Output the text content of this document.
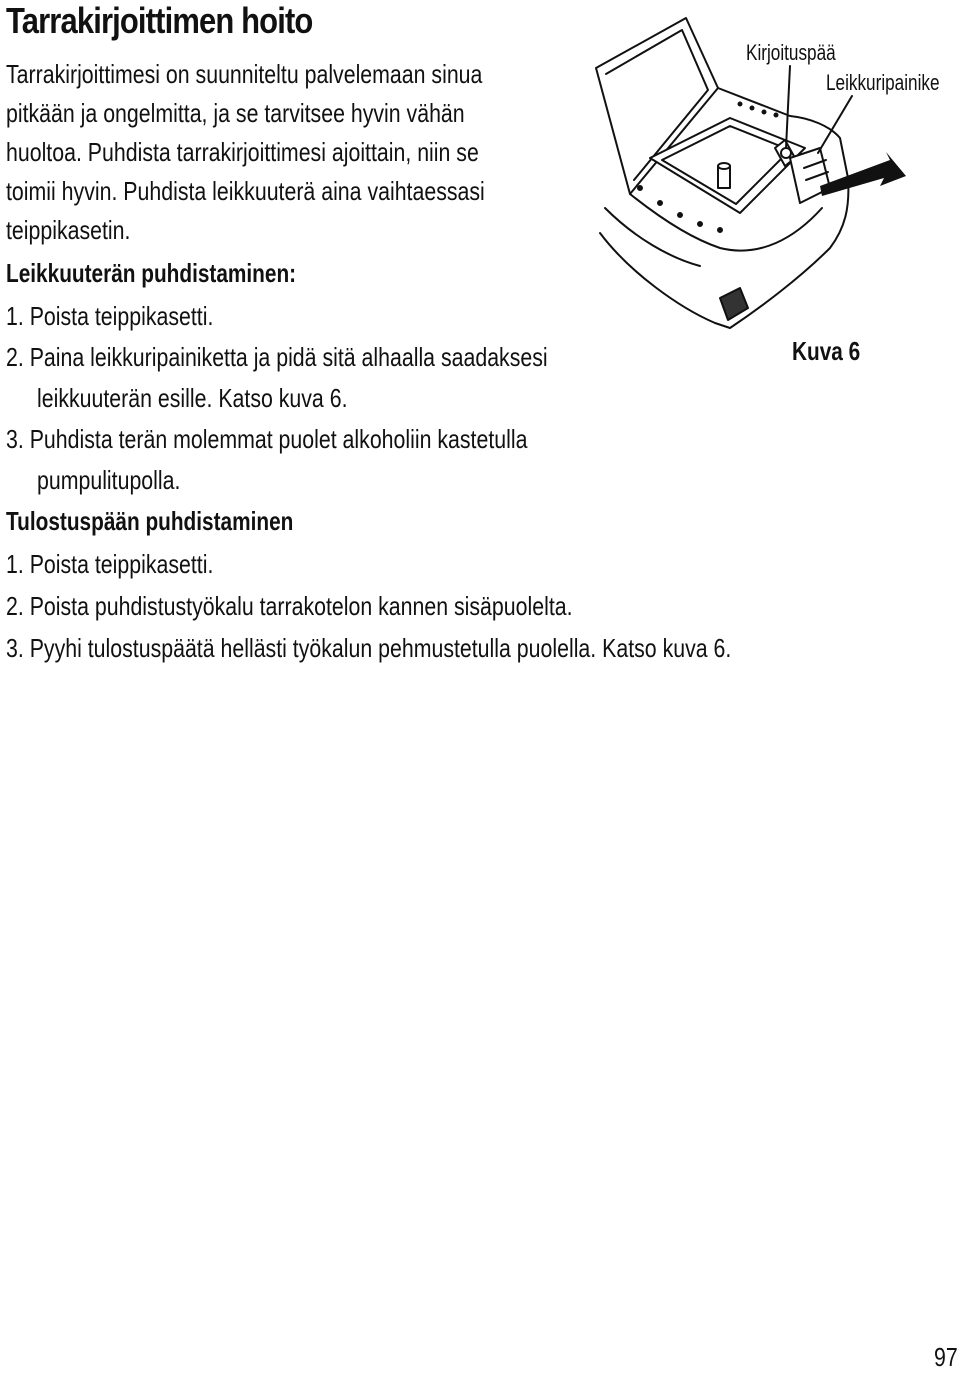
Tarrakirjoittimen hoito

Tarrakirjoittimesi on suunniteltu palvelemaan sinua

pitkään ja ongelmitta, ja se tarvitsee hyvin vähän

huoltoa. Puhdista tarrakirjoittimesi ajoittain, niin se

toimii hyvin. Puhdista leikkuuterä aina vaihtaessasi

teippikasetin.

Leikkuuterän puhdistaminen:

1. Poista teippikasetti.

2. Paina leikkuripainiketta ja pidä sitä alhaalla saadaksesi

leikkuuterän esille. Katso kuva 6.

3. Puhdista terän molemmat puolet alkoholiin kastetulla

pumpulitupolla.

Tulostuspään puhdistaminen

1. Poista teippikasetti.

2. Poista puhdistustyökalu tarrakotelon kannen sisäpuolelta.

3. Pyyhi tulostuspäätä hellästi työkalun pehmustetulla puolella. Katso kuva 6.

Kirjoituspää
Leikkuripainike
Kuva 6
97
